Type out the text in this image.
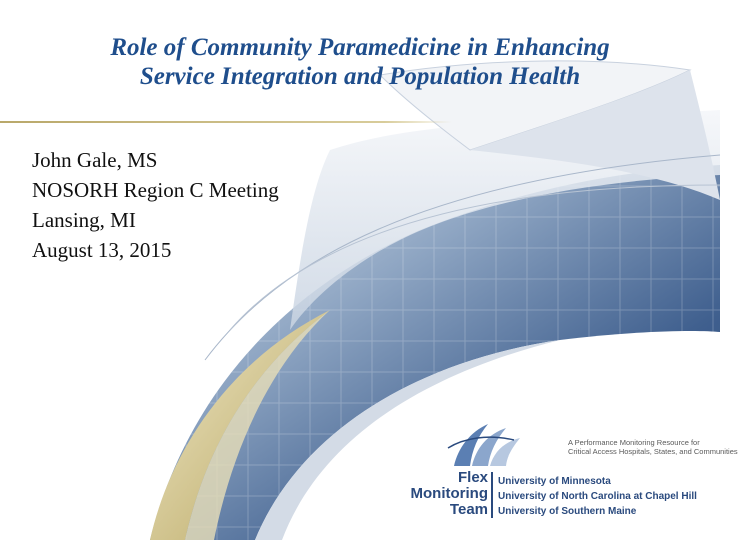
Role of Community Paramedicine in Enhancing
Service Integration and Population Health
John Gale, MS
NOSORH Region C Meeting
Lansing, MI
August 13, 2015
A Performance Monitoring Resource for
Critical Access Hospitals, States, and Communities
Flex
Monitoring
Team
University of Minnesota
University of North Carolina at Chapel Hill
University of Southern Maine
